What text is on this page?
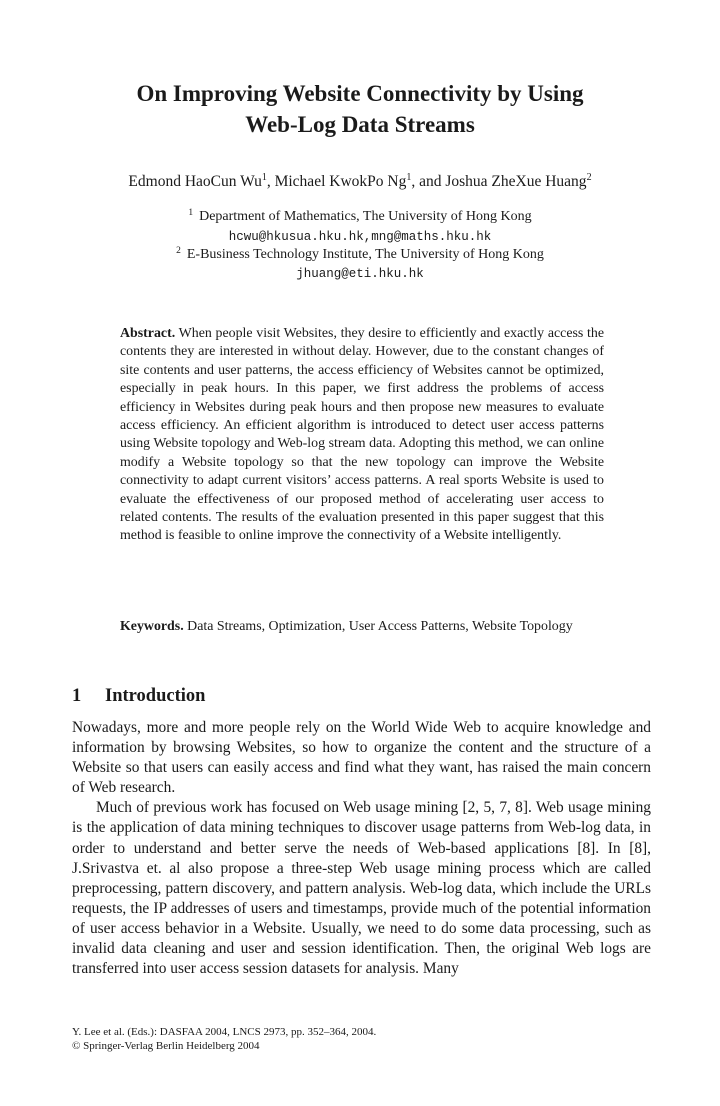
On Improving Website Connectivity by Using
Web-Log Data Streams
Edmond HaoCun Wu$^1$, Michael KwokPo Ng$^1$, and Joshua ZheXue Huang$^2$
$^1$ Department of Mathematics, The University of Hong Kong
hcwu@hkusua.hku.hk,mng@maths.hku.hk
$^2$ E-Business Technology Institute, The University of Hong Kong
jhuang@eti.hku.hk

Abstract. When people visit Websites, they desire to efficiently and exactly access the contents they are interested in without delay. However, due to the constant changes of site contents and user patterns, the access efficiency of Websites cannot be optimized, especially in peak hours. In this paper, we first address the problems of access efficiency in Websites during peak hours and then propose new measures to evaluate access efficiency. An efficient algorithm is introduced to detect user access patterns using Website topology and Web-log stream data. Adopting this method, we can online modify a Website topology so that the new topology can improve the Website connectivity to adapt current visitors’ access patterns. A real sports Website is used to evaluate the effectiveness of our proposed method of accelerating user access to related contents. The results of the evaluation presented in this paper suggest that this method is feasible to online improve the connectivity of a Website intelligently.

Keywords. Data Streams, Optimization, User Access Patterns, Website Topology

1 Introduction

Nowadays, more and more people rely on the World Wide Web to acquire knowledge and information by browsing Websites, so how to organize the content and the structure of a Website so that users can easily access and find what they want, has raised the main concern of Web research.

Much of previous work has focused on Web usage mining [2, 5, 7, 8]. Web usage mining is the application of data mining techniques to discover usage patterns from Web-log data, in order to understand and better serve the needs of Web-based applications [8]. In [8], J.Srivastva et. al also propose a three-step Web usage mining process which are called preprocessing, pattern discovery, and pattern analysis. Web-log data, which include the URLs requests, the IP addresses of users and timestamps, provide much of the potential information of user access behavior in a Website. Usually, we need to do some data processing, such as invalid data cleaning and user and session identification. Then, the original Web logs are transferred into user access session datasets for analysis. Many

Y. Lee et al. (Eds.): DASFAA 2004, LNCS 2973, pp. 352–364, 2004.
© Springer-Verlag Berlin Heidelberg 2004
